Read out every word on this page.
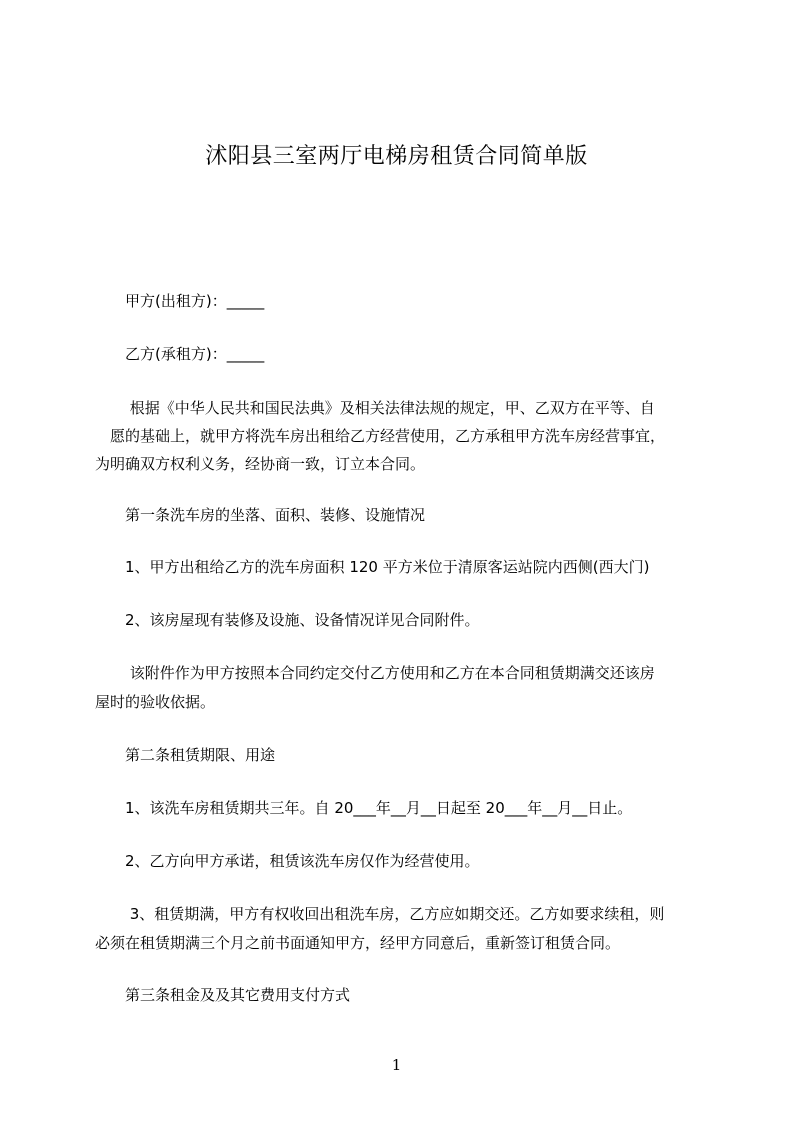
沭阳县三室两厅电梯房租赁合同简单版
　　甲方(出租方)：_____
　　乙方(承租方)：_____
　　 根据《中华人民共和国民法典》及相关法律法规的规定，甲、乙双方在平等、自
　愿的基础上，就甲方将洗车房出租给乙方经营使用，乙方承租甲方洗车房经营事宜，
为明确双方权利义务，经协商一致，订立本合同。
　　第一条洗车房的坐落、面积、装修、设施情况
　　1、甲方出租给乙方的洗车房面积 120 平方米位于清原客运站院内西侧(西大门)
　　2、该房屋现有装修及设施、设备情况详见合同附件。
　　 该附件作为甲方按照本合同约定交付乙方使用和乙方在本合同租赁期满交还该房
屋时的验收依据。
　　第二条租赁期限、用途
　　1、该洗车房租赁期共三年。自 20___年__月__日起至 20___年__月__日止。
　　2、乙方向甲方承诺，租赁该洗车房仅作为经营使用。
　　 3、租赁期满，甲方有权收回出租洗车房，乙方应如期交还。乙方如要求续租，则
必须在租赁期满三个月之前书面通知甲方，经甲方同意后，重新签订租赁合同。
　　第三条租金及及其它费用支付方式
1
